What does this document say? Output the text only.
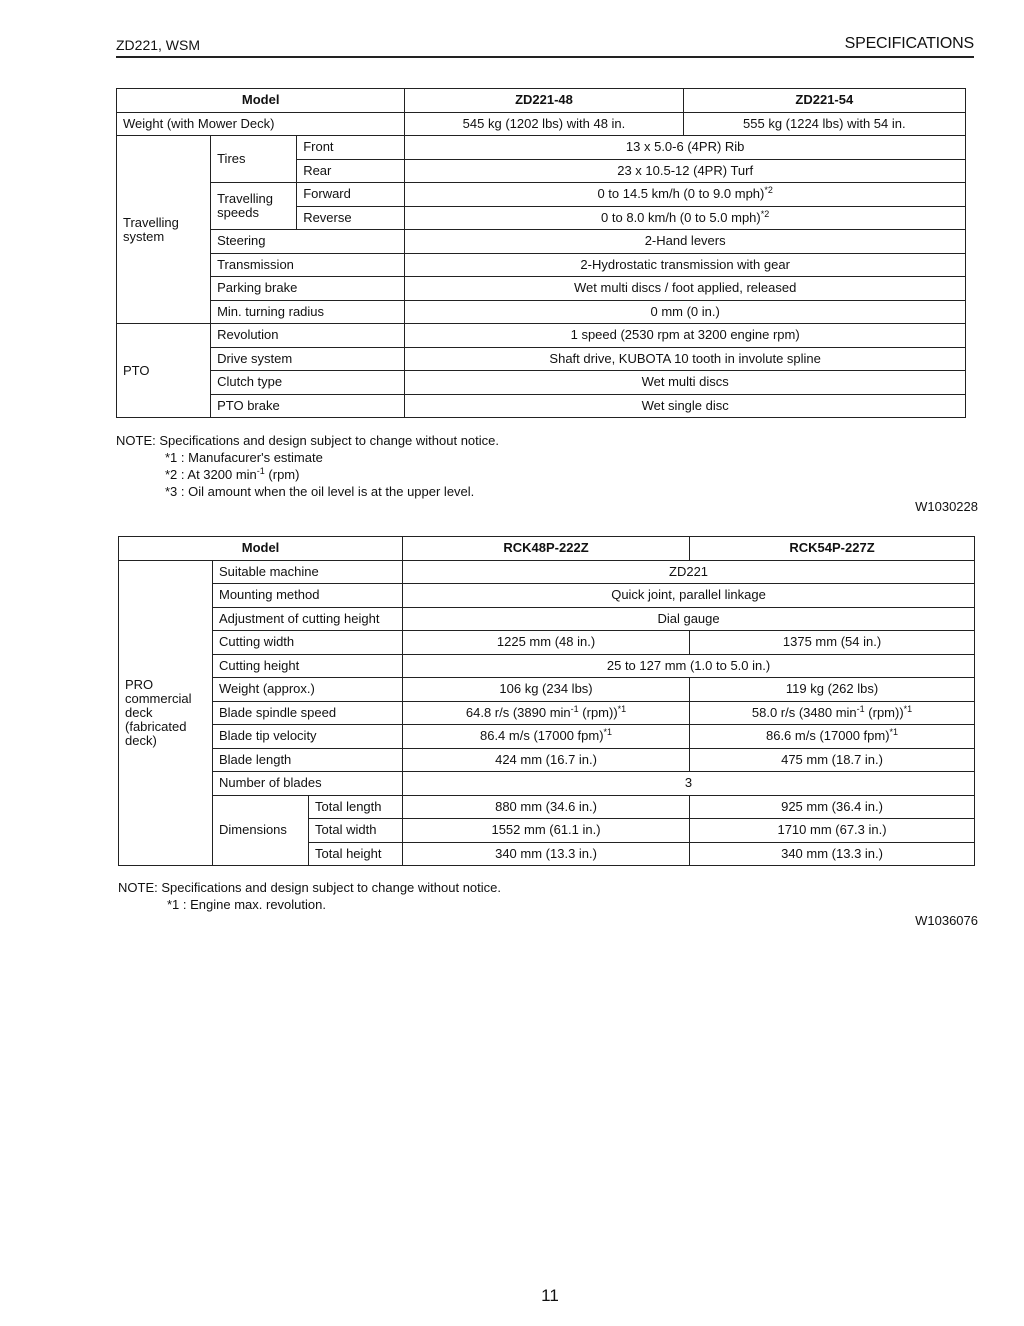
ZD221, WSM	SPECIFICATIONS
Model			ZD221-48	ZD221-54
Weight (with Mower Deck)			545 kg (1202 lbs) with 48 in.	555 kg (1224 lbs) with 54 in.
Travelling system	Tires	Front	13 x 5.0-6 (4PR) Rib	
		Rear	23 x 10.5-12 (4PR) Turf	
	Travelling speeds	Forward	0 to 14.5 km/h (0 to 9.0 mph)$^{*2}$
		Reverse	0 to 8.0 km/h (0 to 5.0 mph)$^{*2}$
	Steering		2-Hand levers	
	Transmission		2-Hydrostatic transmission with gear	
	Parking brake		Wet multi discs / foot applied, released	
	Min. turning radius		0 mm (0 in.)	
PTO	Revolution		1 speed (2530 rpm at 3200 engine rpm)	
	Drive system		Shaft drive, KUBOTA 10 tooth in involute spline	
	Clutch type		Wet multi discs	
	PTO brake		Wet single disc	
NOTE: Specifications and design subject to change without notice.
*1 : Manufacurer's estimate
*2 : At 3200 $\min^{-1} (rpm)$
*3 : Oil amount when the oil level is at the upper level.
W1030228
Model			RCK48P-222Z	RCK54P-227Z
PRO commercial deck (fabricated deck)	Suitable machine		ZD221	
	Mounting method		Quick joint, parallel linkage	
	Adjustment of cutting height		Dial gauge	
	Cutting width		1225 mm (48 in.)	1375 mm (54 in.)
	Cutting height		25 to 127 mm (1.0 to 5.0 in.)	
	Weight (approx.)		106 kg (234 lbs)	119 kg (262 lbs)
	Blade spindle speed		64.8 r/s (3890 $\min^{-1} (rpm))^{*1}$	58.0 r/s (3480 $\min^{-1} (rpm))^{*1}$
	Blade tip velocity		86.4 m/s (17000 fpm)$^{*1}$	86.6 m/s (17000 fpm)$^{*1}$
	Blade length		424 mm (16.7 in.)	475 mm (18.7 in.)
	Number of blades		3	
	Dimensions	Total length	880 mm (34.6 in.)	925 mm (36.4 in.)
		Total width	1552 mm (61.1 in.)	1710 mm (67.3 in.)
		Total height	340 mm (13.3 in.)	340 mm (13.3 in.)
NOTE: Specifications and design subject to change without notice.
*1 : Engine max. revolution.
W1036076
11
